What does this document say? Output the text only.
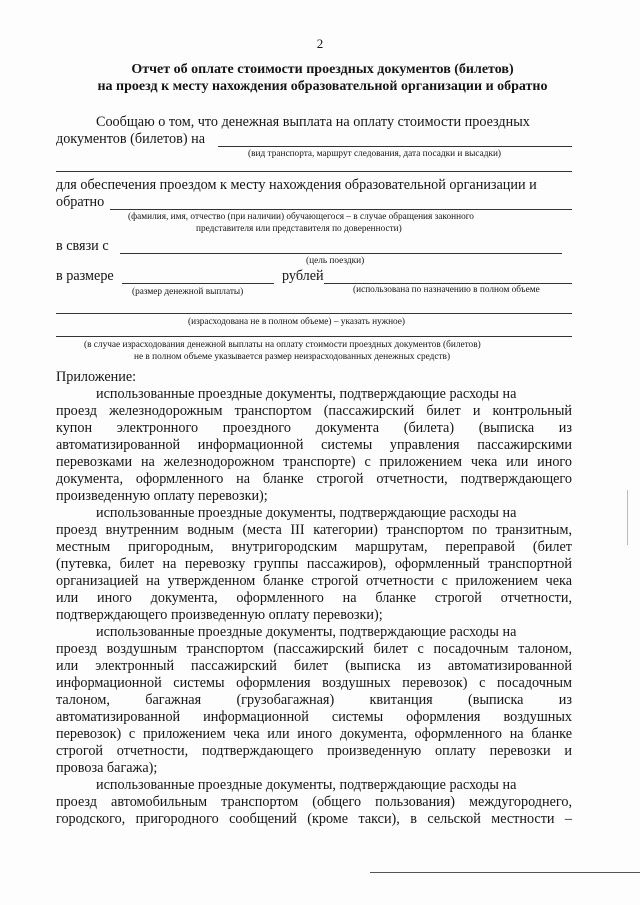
2
Отчет об оплате стоимости проездных документов (билетов)
на проезд к месту нахождения образовательной организации и обратно
Сообщаю о том, что денежная выплата на оплату стоимости проездных
документов (билетов) на
(вид транспорта, маршрут следования, дата посадки и высадки)
для обеспечения проездом к месту нахождения образовательной организации и
обратно
(фамилия, имя, отчество (при наличии) обучающегося – в случае обращения законного
представителя или представителя по доверенности)
в связи с
(цель поездки)
в размере	рублей
(размер денежной выплаты)	(использована по назначению в полном объеме
(израсходована не в полном объеме) – указать нужное)
(в случае израсходования денежной выплаты на оплату стоимости проездных документов (билетов)
не в полном объеме указывается размер неизрасходованных денежных средств)
Приложение:
использованные проездные документы, подтверждающие расходы на
проезд железнодорожным транспортом (пассажирский билет и контрольный
купон электронного проездного документа (билета) (выписка из
автоматизированной информационной системы управления пассажирскими
перевозками на железнодорожном транспорте) с приложением чека или иного
документа, оформленного на бланке строгой отчетности, подтверждающего
произведенную оплату перевозки);
использованные проездные документы, подтверждающие расходы на
проезд внутренним водным (места III категории) транспортом по транзитным,
местным пригородным, внутригородским маршрутам, переправой (билет
(путевка, билет на перевозку группы пассажиров), оформленный транспортной
организацией на утвержденном бланке строгой отчетности с приложением чека
или иного документа, оформленного на бланке строгой отчетности,
подтверждающего произведенную оплату перевозки);
использованные проездные документы, подтверждающие расходы на
проезд воздушным транспортом (пассажирский билет с посадочным талоном,
или электронный пассажирский билет (выписка из автоматизированной
информационной системы оформления воздушных перевозок) с посадочным
талоном, багажная (грузобагажная) квитанция (выписка из
автоматизированной информационной системы оформления воздушных
перевозок) с приложением чека или иного документа, оформленного на бланке
строгой отчетности, подтверждающего произведенную оплату перевозки и
провоза багажа);
использованные проездные документы, подтверждающие расходы на
проезд автомобильным транспортом (общего пользования) междугороднего,
городского, пригородного сообщений (кроме такси), в сельской местности –
